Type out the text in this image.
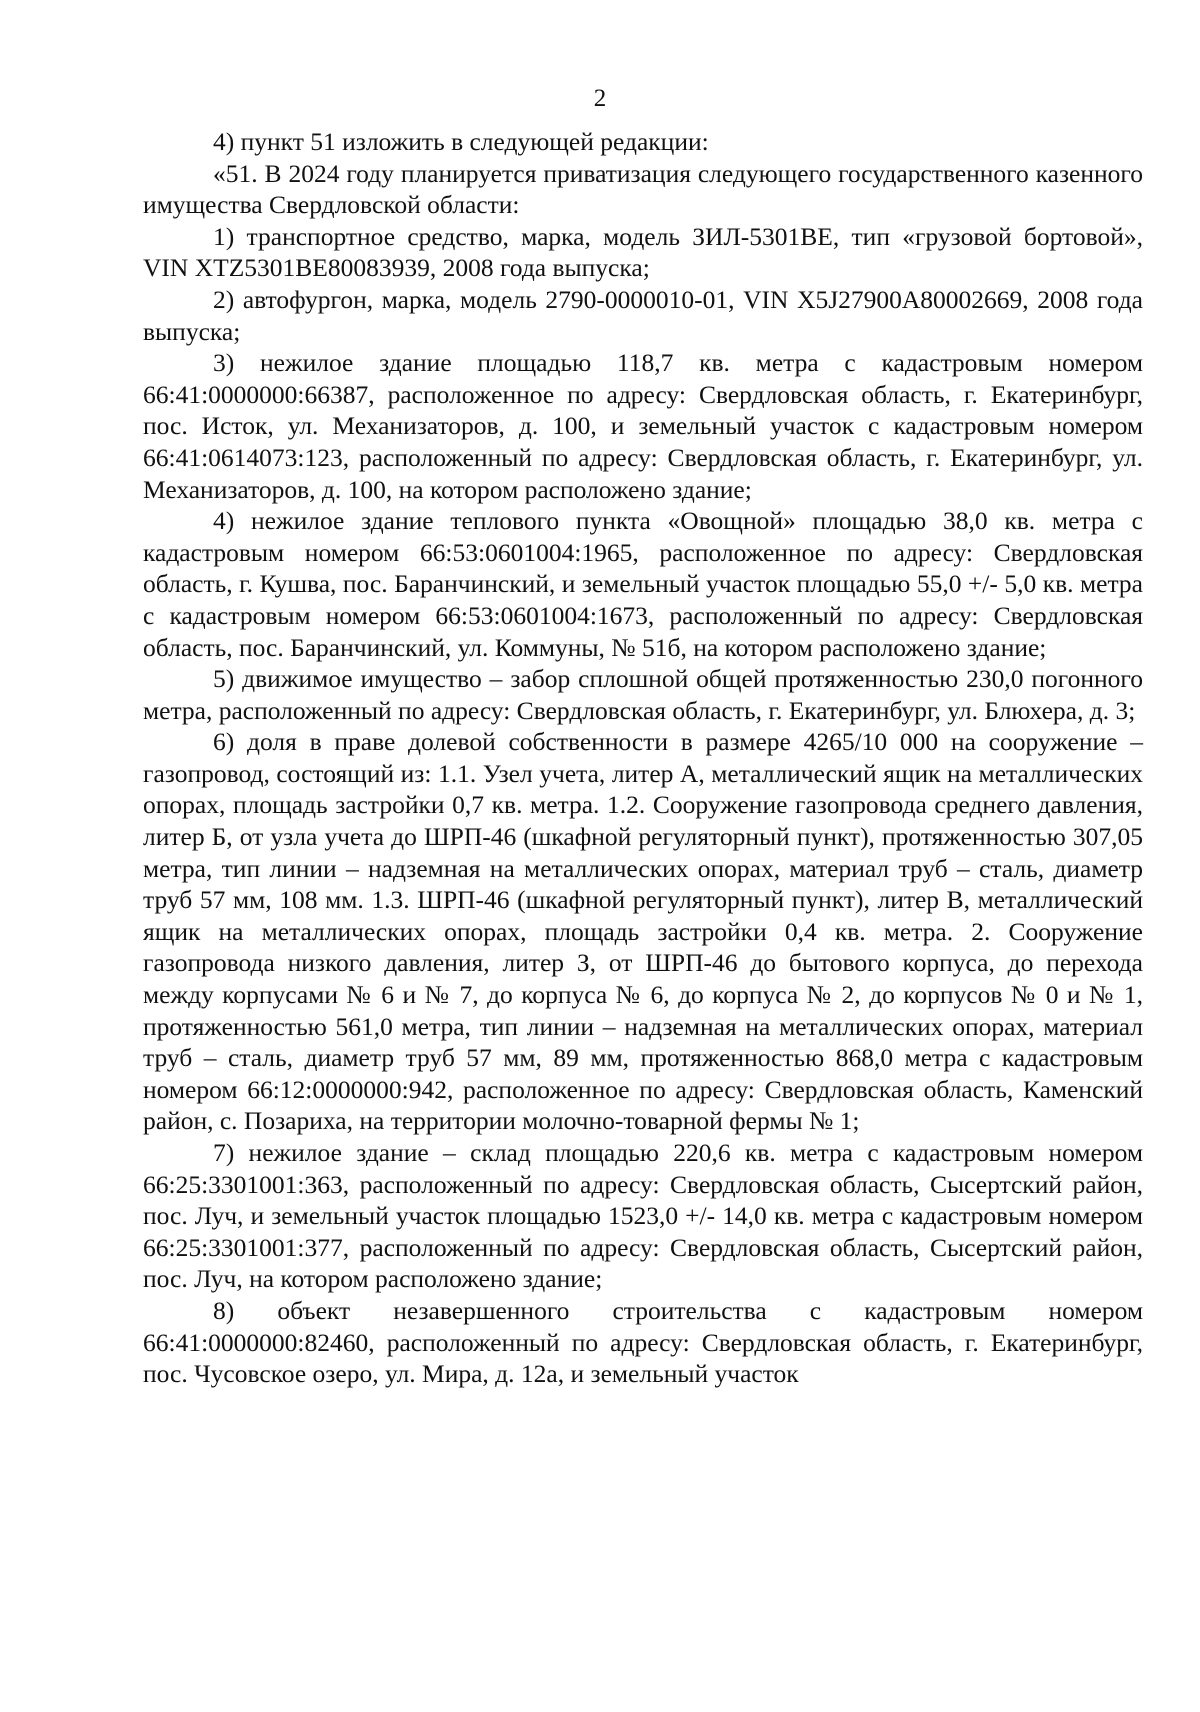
2

4) пункт 51 изложить в следующей редакции:

«51. В 2024 году планируется приватизация следующего государственного казенного имущества Свердловской области:

1) транспортное средство, марка, модель ЗИЛ-5301ВЕ, тип «грузовой бортовой», VIN XTZ5301BE80083939, 2008 года выпуска;

2) автофургон, марка, модель 2790-0000010-01, VIN X5J27900A80002669, 2008 года выпуска;

3) нежилое здание площадью 118,7 кв. метра с кадастровым номером 66:41:0000000:66387, расположенное по адресу: Свердловская область, г. Екатеринбург, пос. Исток, ул. Механизаторов, д. 100, и земельный участок с кадастровым номером 66:41:0614073:123, расположенный по адресу: Свердловская область, г. Екатеринбург, ул. Механизаторов, д. 100, на котором расположено здание;

4) нежилое здание теплового пункта «Овощной» площадью 38,0 кв. метра с кадастровым номером 66:53:0601004:1965, расположенное по адресу: Свердловская область, г. Кушва, пос. Баранчинский, и земельный участок площадью 55,0 +/- 5,0 кв. метра с кадастровым номером 66:53:0601004:1673, расположенный по адресу: Свердловская область, пос. Баранчинский, ул. Коммуны, № 51б, на котором расположено здание;

5) движимое имущество – забор сплошной общей протяженностью 230,0 погонного метра, расположенный по адресу: Свердловская область, г. Екатеринбург, ул. Блюхера, д. 3;

6) доля в праве долевой собственности в размере 4265/10 000 на сооружение – газопровод, состоящий из: 1.1. Узел учета, литер А, металлический ящик на металлических опорах, площадь застройки 0,7 кв. метра. 1.2. Сооружение газопровода среднего давления, литер Б, от узла учета до ШРП-46 (шкафной регуляторный пункт), протяженностью 307,05 метра, тип линии – надземная на металлических опорах, материал труб – сталь, диаметр труб 57 мм, 108 мм. 1.3. ШРП-46 (шкафной регуляторный пункт), литер В, металлический ящик на металлических опорах, площадь застройки 0,4 кв. метра. 2. Сооружение газопровода низкого давления, литер З, от ШРП-46 до бытового корпуса, до перехода между корпусами № 6 и № 7, до корпуса № 6, до корпуса № 2, до корпусов № 0 и № 1, протяженностью 561,0 метра, тип линии – надземная на металлических опорах, материал труб – сталь, диаметр труб 57 мм, 89 мм, протяженностью 868,0 метра с кадастровым номером 66:12:0000000:942, расположенное по адресу: Свердловская область, Каменский район, с. Позариха, на территории молочно-товарной фермы № 1;

7) нежилое здание – склад площадью 220,6 кв. метра с кадастровым номером 66:25:3301001:363, расположенный по адресу: Свердловская область, Сысертский район, пос. Луч, и земельный участок площадью 1523,0 +/- 14,0 кв. метра с кадастровым номером 66:25:3301001:377, расположенный по адресу: Свердловская область, Сысертский район, пос. Луч, на котором расположено здание;

8) объект незавершенного строительства с кадастровым номером 66:41:0000000:82460, расположенный по адресу: Свердловская область, г. Екатеринбург, пос. Чусовское озеро, ул. Мира, д. 12а, и земельный участок
